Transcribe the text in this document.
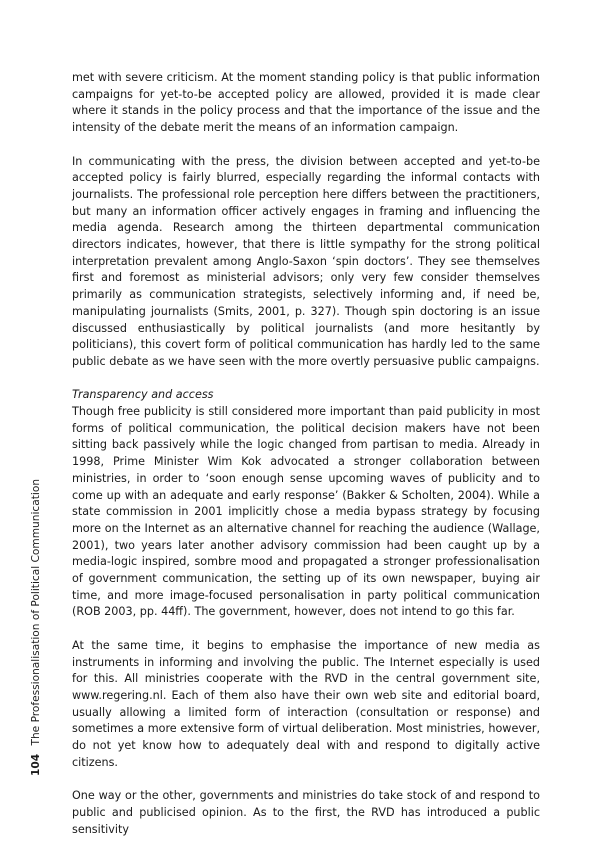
met with severe criticism. At the moment standing policy is that public information campaigns for yet-to-be accepted policy are allowed, provided it is made clear where it stands in the policy process and that the importance of the issue and the intensity of the debate merit the means of an information campaign.

In communicating with the press, the division between accepted and yet-to-be accepted policy is fairly blurred, especially regarding the informal contacts with journalists. The professional role perception here differs between the practitioners, but many an information officer actively engages in framing and influencing the media agenda. Research among the thirteen departmental communication directors indicates, however, that there is little sympathy for the strong political interpretation prevalent among Anglo-Saxon ‘spin doctors’. They see themselves first and foremost as ministerial advisors; only very few consider themselves primarily as communication strategists, selectively informing and, if need be, manipulating journalists (Smits, 2001, p. 327). Though spin doctoring is an issue discussed enthusiastically by political journalists (and more hesitantly by politicians), this covert form of political communication has hardly led to the same public debate as we have seen with the more overtly persuasive public campaigns.

Transparency and access

Though free publicity is still considered more important than paid publicity in most forms of political communication, the political decision makers have not been sitting back passively while the logic changed from partisan to media. Already in 1998, Prime Minister Wim Kok advocated a stronger collaboration between ministries, in order to ‘soon enough sense upcoming waves of publicity and to come up with an adequate and early response’ (Bakker & Scholten, 2004). While a state commission in 2001 implicitly chose a media bypass strategy by focusing more on the Internet as an alternative channel for reaching the audience (Wallage, 2001), two years later another advisory commission had been caught up by a media-logic inspired, sombre mood and propagated a stronger professionalisation of government communication, the setting up of its own newspaper, buying air time, and more image-focused personalisation in party political communication (ROB 2003, pp. 44ff). The government, however, does not intend to go this far.

At the same time, it begins to emphasise the importance of new media as instruments in informing and involving the public. The Internet especially is used for this. All ministries cooperate with the RVD in the central government site, www.regering.nl. Each of them also have their own web site and editorial board, usually allowing a limited form of interaction (consultation or response) and sometimes a more extensive form of virtual deliberation. Most ministries, however, do not yet know how to adequately deal with and respond to digitally active citizens.

One way or the other, governments and ministries do take stock of and respond to public and publicised opinion. As to the first, the RVD has introduced a public sensitivity

104 The Professionalisation of Political Communication
